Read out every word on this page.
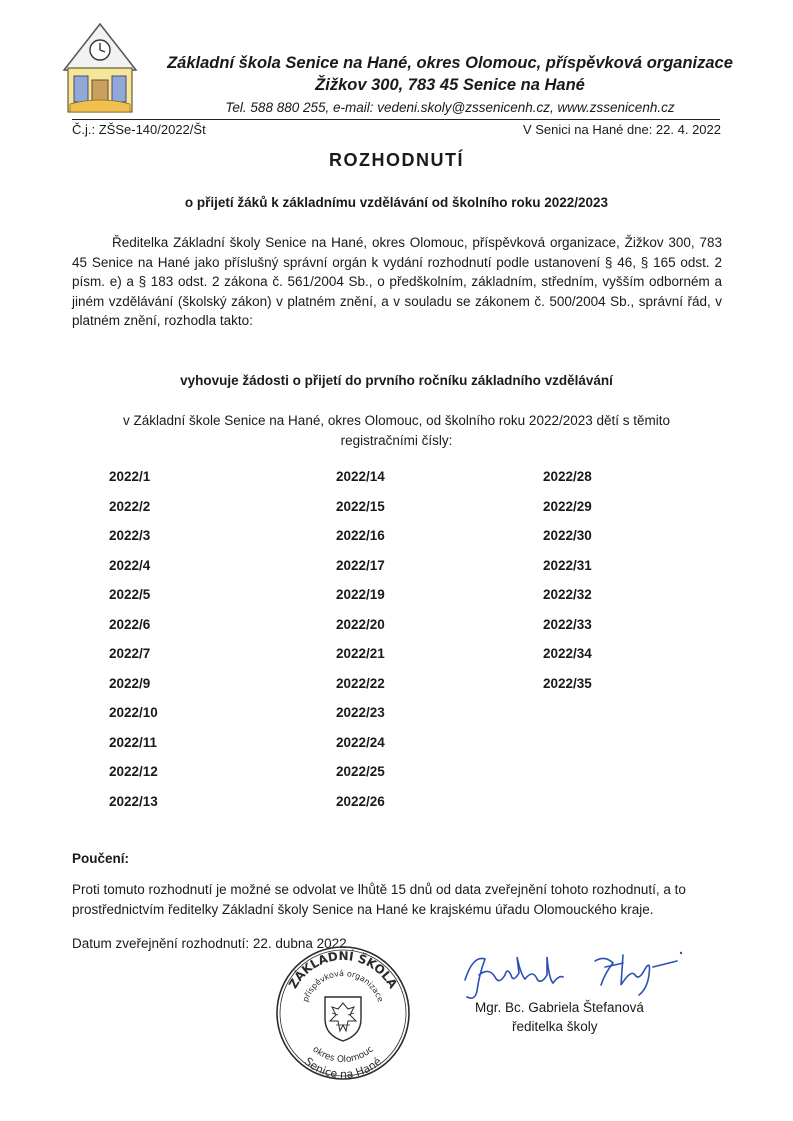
Základní škola Senice na Hané, okres Olomouc, příspěvková organizace
Žižkov 300, 783 45 Senice na Hané
Tel. 588 880 255, e-mail: vedeni.skoly@zssenicenh.cz, www.zssenicenh.cz
Č.j.: ZŠSe-140/2022/Št	V Senici na Hané dne: 22. 4. 2022
ROZHODNUTÍ
o přijetí žáků k základnímu vzdělávání od školního roku 2022/2023

Ředitelka Základní školy Senice na Hané, okres Olomouc, příspěvková organizace, Žižkov 300, 783 45 Senice na Hané jako příslušný správní orgán k vydání rozhodnutí podle ustanovení § 46, § 165 odst. 2 písm. e) a § 183 odst. 2 zákona č. 561/2004 Sb., o předškolním, základním, středním, vyšším odborném a jiném vzdělávání (školský zákon) v platném znění, a v souladu se zákonem č. 500/2004 Sb., správní řád, v platném znění, rozhodla takto:

vyhovuje žádosti o přijetí do prvního ročníku základního vzdělávání
v Základní škole Senice na Hané, okres Olomouc, od školního roku 2022/2023 dětí s těmito registračními čísly:
2022/1
2022/2
2022/3
2022/4
2022/5
2022/6
2022/7
2022/9
2022/10
2022/11
2022/12
2022/13
2022/14
2022/15
2022/16
2022/17
2022/19
2022/20
2022/21
2022/22
2022/23
2022/24
2022/25
2022/26
2022/28
2022/29
2022/30
2022/31
2022/32
2022/33
2022/34
2022/35
Poučení:
Proti tomuto rozhodnutí je možné se odvolat ve lhůtě 15 dnů od data zveřejnění tohoto rozhodnutí, a to prostřednictvím ředitelky Základní školy Senice na Hané ke krajskému úřadu Olomouckého kraje.
Datum zveřejnění rozhodnutí: 22. dubna 2022
ZÁKLADNÍ ŠKOLA
příspěvková organizace
okres Olomouc
Senice na Hané
Mgr. Bc. Gabriela Štefanová
ředitelka školy
